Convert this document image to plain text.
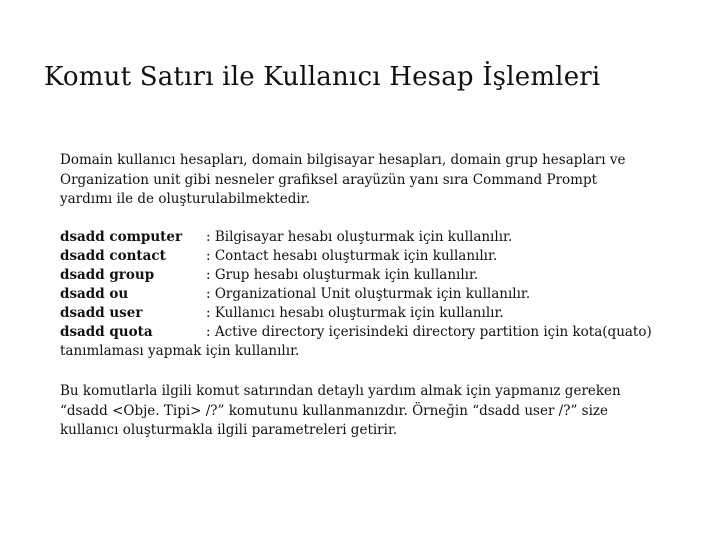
Komut Satırı ile Kullanıcı Hesap İşlemleri

Domain kullanıcı hesapları, domain bilgisayar hesapları, domain grup hesapları ve

Organization unit gibi nesneler grafiksel arayüzün yanı sıra Command Prompt

yardımı ile de oluşturulabilmektedir.

dsadd computer	: Bilgisayar hesabı oluşturmak için kullanılır.
dsadd contact	: Contact hesabı oluşturmak için kullanılır.
dsadd group	: Grup hesabı oluşturmak için kullanılır.
dsadd ou	: Organizational Unit oluşturmak için kullanılır.
dsadd user	: Kullanıcı hesabı oluşturmak için kullanılır.
dsadd quota	: Active directory içerisindeki directory partition için kota(quato)
tanımlaması yapmak için kullanılır.

Bu komutlarla ilgili komut satırından detaylı yardım almak için yapmanız gereken

“dsadd <Obje. Tipi> /?” komutunu kullanmanızdır. Örneğin “dsadd user /?” size

kullanıcı oluşturmakla ilgili parametreleri getirir.
